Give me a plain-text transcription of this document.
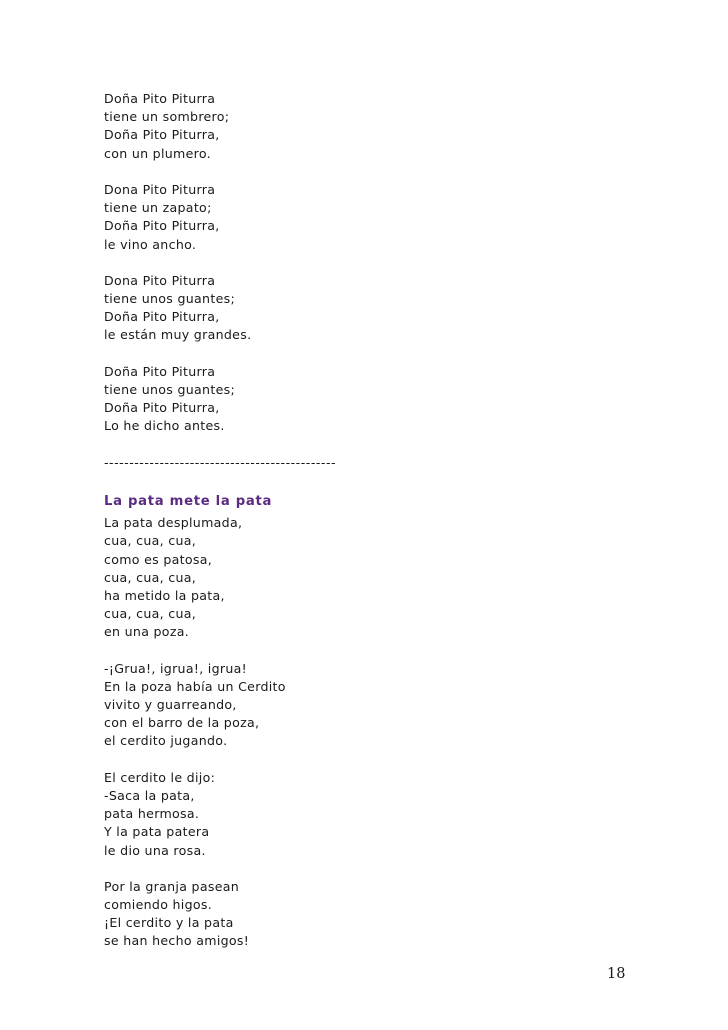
Doña Pito Piturra
tiene un sombrero;
Doña Pito Piturra,
con un plumero.
Dona Pito Piturra
tiene un zapato;
Doña Pito Piturra,
le vino ancho.
Dona Pito Piturra
tiene unos guantes;
Doña Pito Piturra,
le están muy grandes.
Doña Pito Piturra
tiene unos guantes;
Doña Pito Piturra,
Lo he dicho antes.
----------------------------------------------
La pata mete la pata
La pata desplumada,
cua, cua, cua,
como es patosa,
cua, cua, cua,
ha metido la pata,
cua, cua, cua,
en una poza.
-¡Grua!, igrua!, igrua!
En la poza había un Cerdito
vivito y guarreando,
con el barro de la poza,
el cerdito jugando.
El cerdito le dijo:
-Saca la pata,
pata hermosa.
Y la pata patera
le dio una rosa.
Por la granja pasean
comiendo higos.
¡El cerdito y la pata
se han hecho amigos!
18
